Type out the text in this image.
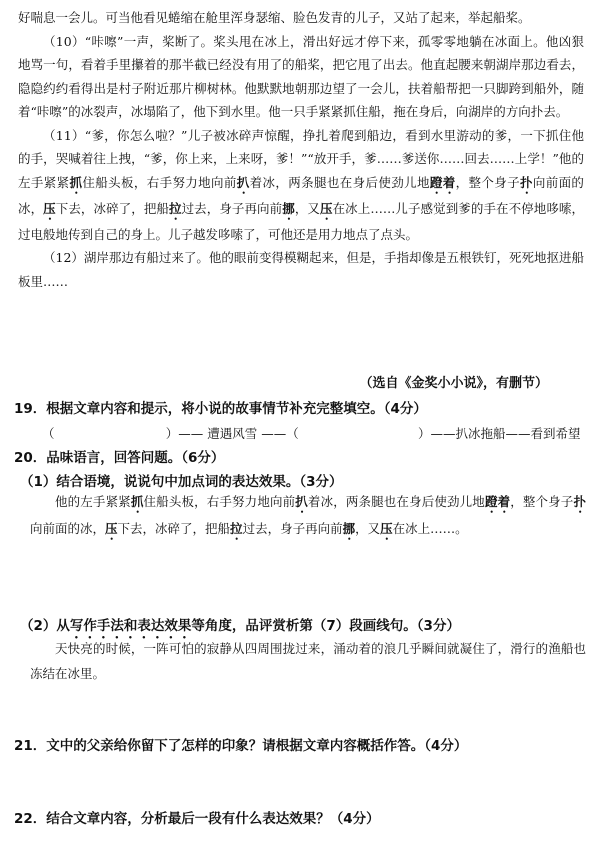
好喘息一会儿。可当他看见蜷缩在舱里浑身瑟缩、脸色发青的儿子，又站了起来，举起船桨。

（10）“咔嚓”一声，桨断了。桨头甩在冰上，滑出好远才停下来，孤零零地躺在冰面上。他凶狠地骂一句，看着手里攥着的那半截已经没有用了的船桨，把它甩了出去。他直起腰来朝湖岸那边看去，隐隐约约看得出是村子附近那片柳树林。他默默地朝那边望了一会儿，扶着船帮把一只脚跨到船外，随着“咔嚓”的冰裂声，冰塌陷了，他下到水里。他一只手紧紧抓住船，拖在身后，向湖岸的方向扑去。

（11）“爹，你怎么啦？”儿子被冰碎声惊醒，挣扎着爬到船边，看到水里游动的爹，一下抓住他的手，哭喊着往上拽，“爹，你上来，上来呀，爹！”“放开手，爹……爹送你……回去……上学！”他的左手紧紧抓住船头板，右手努力地向前扒着冰，两条腿也在身后使劲儿地蹬着，整个身子扑向前面的冰，压下去，冰碎了，把船拉过去，身子再向前挪，又压在冰上……儿子感觉到爹的手在不停地哆嗦，过电般地传到自己的身上。儿子越发哆嗦了，可他还是用力地点了点头。

（12）湖岸那边有船过来了。他的眼前变得模糊起来，但是，手指却像是五根铁钉，死死地抠进船板里……

（选自《金奖小小说》，有删节）
19．根据文章内容和提示，将小说的故事情节补充完整填空。（4分）
（	）—— 遭遇风雪 ——（	）——扒冰拖船——看到希望
20．品味语言，回答问题。（6分）
（1）结合语境，说说句中加点词的表达效果。（3分）

他的左手紧紧抓住船头板，右手努力地向前扒着冰，两条腿也在身后使劲儿地蹬着，整个身子扑向前面的冰，压下去，冰碎了，把船拉过去，身子再向前挪，又压在冰上……。

（2）从写作手法和表达效果等角度，品评赏析第（7）段画线句。（3分）

天快亮的时候，一阵可怕的寂静从四周围拢过来，涌动着的浪几乎瞬间就凝住了，滑行的渔船也冻结在冰里。

21．文中的父亲给你留下了怎样的印象？请根据文章内容概括作答。（4分）
22．结合文章内容，分析最后一段有什么表达效果？（4分）
